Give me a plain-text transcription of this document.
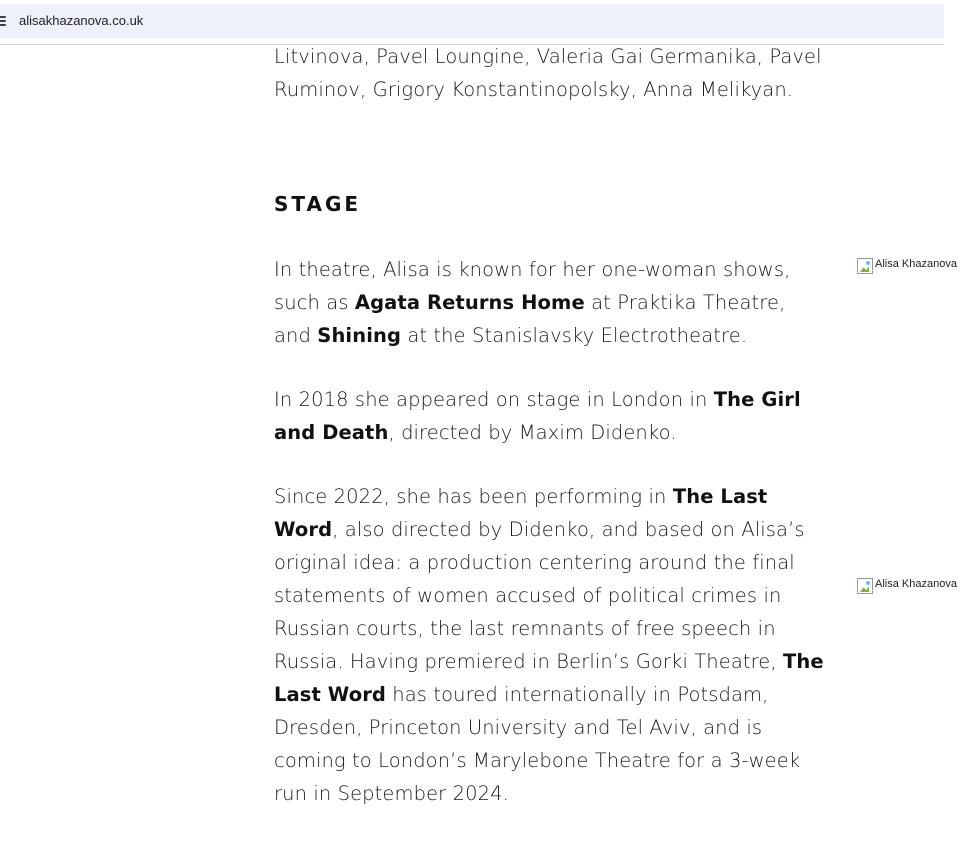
alisakhazanova.co.uk

Litvinova, Pavel Loungine, Valeria Gai Germanika, Pavel
Ruminov, Grigory Konstantinopolsky, Anna Melikyan.

STAGE

In theatre, Alisa is known for her one-woman shows, such as Agata Returns Home at Praktika Theatre, and Shining at the Stanislavsky Electrotheatre.

In 2018 she appeared on stage in London in The Girl and Death, directed by Maxim Didenko.

Since 2022, she has been performing in The Last Word, also directed by Didenko, and based on Alisa’s original idea: a production centering around the final statements of women accused of political crimes in Russian courts, the last remnants of free speech in Russia. Having premiered in Berlin’s Gorki Theatre, The Last Word has toured internationally in Potsdam, Dresden, Princeton University and Tel Aviv, and is coming to London’s Marylebone Theatre for a 3-week run in September 2024.

Alisa Khazanova
Alisa Khazanova
